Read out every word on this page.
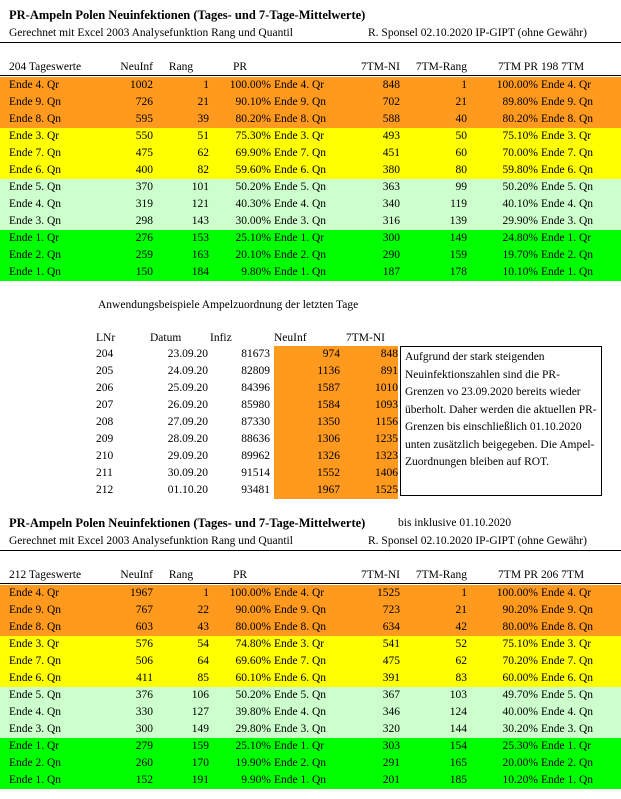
PR-Ampeln Polen Neuinfektionen (Tages- und 7-Tage-Mittelwerte)
Gerechnet mit Excel 2003 Analysefunktion Rang und Quantil	R. Sponsel 02.10.2020 IP-GIPT (ohne Gewähr)
204 Tageswerte	NeuInf	Rang	PR	7TM-NI	7TM-Rang	7TM PR 198 7TM
Ende 4. Qr	1002	1	100.00% Ende 4. Qr	848	1	100.00% Ende 4. Qr
Ende 9. Qn	726	21	90.10% Ende 9. Qn	702	21	89.80% Ende 9. Qn
Ende 8. Qn	595	39	80.20% Ende 8. Qn	588	40	80.20% Ende 8. Qn
Ende 3. Qr	550	51	75.30% Ende 3. Qr	493	50	75.10% Ende 3. Qr
Ende 7. Qn	475	62	69.90% Ende 7. Qn	451	60	70.00% Ende 7. Qn
Ende 6. Qn	400	82	59.60% Ende 6. Qn	380	80	59.80% Ende 6. Qn
Ende 5. Qn	370	101	50.20% Ende 5. Qn	363	99	50.20% Ende 5. Qn
Ende 4. Qn	319	121	40.30% Ende 4. Qn	340	119	40.10% Ende 4. Qn
Ende 3. Qn	298	143	30.00% Ende 3. Qn	316	139	29.90% Ende 3. Qn
Ende 1. Qr	276	153	25.10% Ende 1. Qr	300	149	24.80% Ende 1. Qr
Ende 2. Qn	259	163	20.10% Ende 2. Qn	290	159	19.70% Ende 2. Qn
Ende 1. Qn	150	184	9.80% Ende 1. Qn	187	178	10.10% Ende 1. Qn
PR-Ampeln Polen Neuinfektionen (Tages- und 7-Tage-Mittelwerte)	bis inklusive 01.10.2020
Gerechnet mit Excel 2003 Analysefunktion Rang und Quantil	R. Sponsel 02.10.2020 IP-GIPT (ohne Gewähr)
212 Tageswerte	NeuInf	Rang	PR	7TM-NI	7TM-Rang	7TM PR 206 7TM
Ende 4. Qr	1967	1	100.00% Ende 4. Qr	1525	1	100.00% Ende 4. Qr
Ende 9. Qn	767	22	90.00% Ende 9. Qn	723	21	90.20% Ende 9. Qn
Ende 8. Qn	603	43	80.00% Ende 8. Qn	634	42	80.00% Ende 8. Qn
Ende 3. Qr	576	54	74.80% Ende 3. Qr	541	52	75.10% Ende 3. Qr
Ende 7. Qn	506	64	69.60% Ende 7. Qn	475	62	70.20% Ende 7. Qn
Ende 6. Qn	411	85	60.10% Ende 6. Qn	391	83	60.00% Ende 6. Qn
Ende 5. Qn	376	106	50.20% Ende 5. Qn	367	103	49.70% Ende 5. Qn
Ende 4. Qn	330	127	39.80% Ende 4. Qn	346	124	40.00% Ende 4. Qn
Ende 3. Qn	300	149	29.80% Ende 3. Qn	320	144	30.20% Ende 3. Qn
Ende 1. Qr	279	159	25.10% Ende 1. Qr	303	154	25.30% Ende 1. Qr
Ende 2. Qn	260	170	19.90% Ende 2. Qn	291	165	20.00% Ende 2. Qn
Ende 1. Qn	152	191	9.90% Ende 1. Qn	201	185	10.20% Ende 1. Qn
Anwendungsbeispiele Ampelzuordnung der letzten Tage
LNr	Datum	Infiz	NeuInf	7TM-NI
204	23.09.20	81673	974	848
205	24.09.20	82809	1136	891
206	25.09.20	84396	1587	1010
207	26.09.20	85980	1584	1093
208	27.09.20	87330	1350	1156
209	28.09.20	88636	1306	1235
210	29.09.20	89962	1326	1323
211	30.09.20	91514	1552	1406
212	01.10.20	93481	1967	1525
Aufgrund der stark steigenden Neuinfektionszahlen sind die PR-Grenzen vo 23.09.2020 bereits wieder überholt. Daher werden die aktuellen PR-Grenzen bis einschließlich 01.10.2020 unten zusätzlich beigegeben. Die Ampel-Zuordnungen bleiben auf ROT.
